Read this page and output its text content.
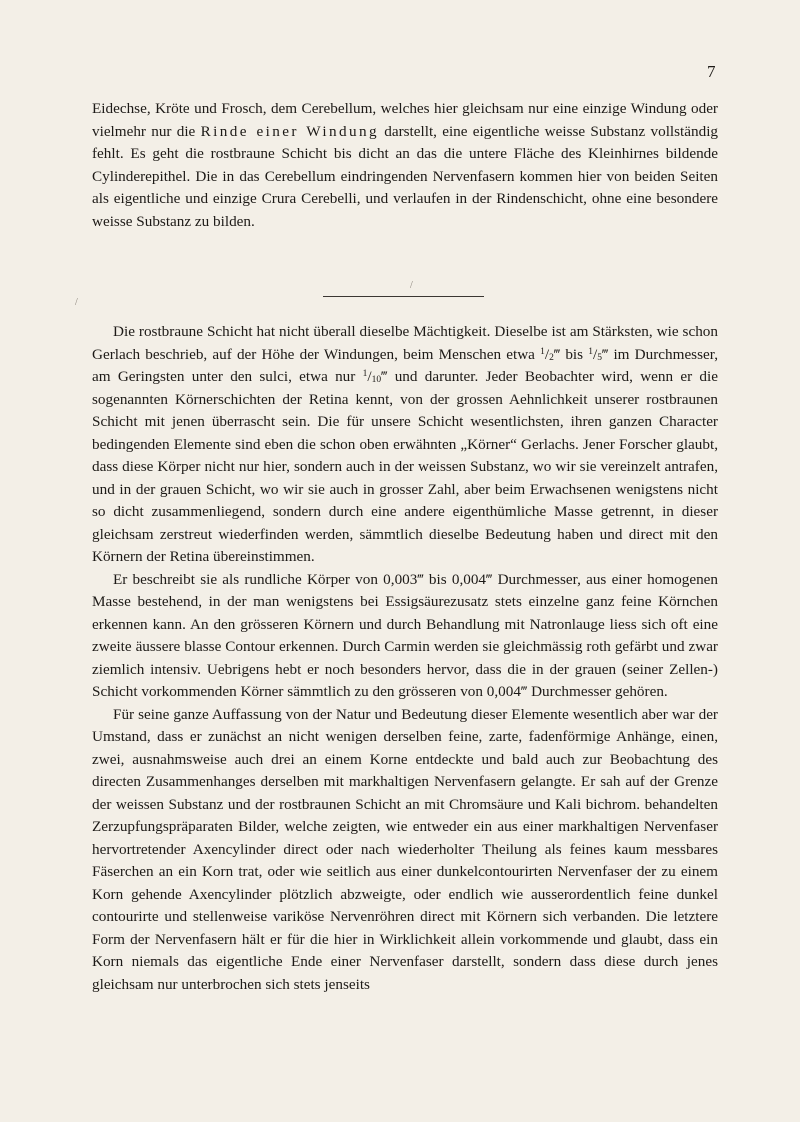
7

Eidechse, Kröte und Frosch, dem Cerebellum, welches hier gleichsam nur eine einzige Windung oder vielmehr nur die Rinde einer Windung darstellt, eine eigentliche weisse Substanz vollständig fehlt. Es geht die rostbraune Schicht bis dicht an das die untere Fläche des Kleinhirnes bildende Cylinderepithel. Die in das Cerebellum eindringenden Nervenfasern kommen hier von beiden Seiten als eigentliche und einzige Crura Cerebelli, und verlaufen in der Rindenschicht, ohne eine besondere weisse Substanz zu bilden.

/
/

Die rostbraune Schicht hat nicht überall dieselbe Mächtigkeit. Dieselbe ist am Stärksten, wie schon Gerlach beschrieb, auf der Höhe der Windungen, beim Menschen etwa $^1/_2‴$ bis $^1/_5‴$ im Durchmesser, am Geringsten unter den sulci, etwa nur $^1/_{10}‴$ und darunter. Jeder Beobachter wird, wenn er die sogenannten Körnerschichten der Retina kennt, von der grossen Aehnlichkeit unserer rostbraunen Schicht mit jenen überrascht sein. Die für unsere Schicht wesentlichsten, ihren ganzen Character bedingenden Elemente sind eben die schon oben erwähnten „Körner“ Gerlachs. Jener Forscher glaubt, dass diese Körper nicht nur hier, sondern auch in der weissen Substanz, wo wir sie vereinzelt antrafen, und in der grauen Schicht, wo wir sie auch in grosser Zahl, aber beim Erwachsenen wenigstens nicht so dicht zusammenliegend, sondern durch eine andere eigenthümliche Masse getrennt, in dieser gleichsam zerstreut wiederfinden werden, sämmtlich dieselbe Bedeutung haben und direct mit den Körnern der Retina übereinstimmen.

Er beschreibt sie als rundliche Körper von 0,003‴ bis 0,004‴ Durchmesser, aus einer homogenen Masse bestehend, in der man wenigstens bei Essigsäurezusatz stets einzelne ganz feine Körnchen erkennen kann. An den grösseren Körnern und durch Behandlung mit Natronlauge liess sich oft eine zweite äussere blasse Contour erkennen. Durch Carmin werden sie gleichmässig roth gefärbt und zwar ziemlich intensiv. Uebrigens hebt er noch besonders hervor, dass die in der grauen (seiner Zellen-) Schicht vorkommenden Körner sämmtlich zu den grösseren von 0,004‴ Durchmesser gehören.

Für seine ganze Auffassung von der Natur und Bedeutung dieser Elemente wesentlich aber war der Umstand, dass er zunächst an nicht wenigen derselben feine, zarte, fadenförmige Anhänge, einen, zwei, ausnahmsweise auch drei an einem Korne entdeckte und bald auch zur Beobachtung des directen Zusammenhanges derselben mit markhaltigen Nervenfasern gelangte. Er sah auf der Grenze der weissen Substanz und der rostbraunen Schicht an mit Chromsäure und Kali bichrom. behandelten Zerzupfungspräparaten Bilder, welche zeigten, wie entweder ein aus einer markhaltigen Nervenfaser hervortretender Axencylinder direct oder nach wiederholter Theilung als feines kaum messbares Fäserchen an ein Korn trat, oder wie seitlich aus einer dunkelcontourirten Nervenfaser der zu einem Korn gehende Axencylinder plötzlich abzweigte, oder endlich wie ausserordentlich feine dunkel contourirte und stellenweise variköse Nervenröhren direct mit Körnern sich verbanden. Die letztere Form der Nervenfasern hält er für die hier in Wirklichkeit allein vorkommende und glaubt, dass ein Korn niemals das eigentliche Ende einer Nervenfaser darstellt, sondern dass diese durch jenes gleichsam nur unterbrochen sich stets jenseits
